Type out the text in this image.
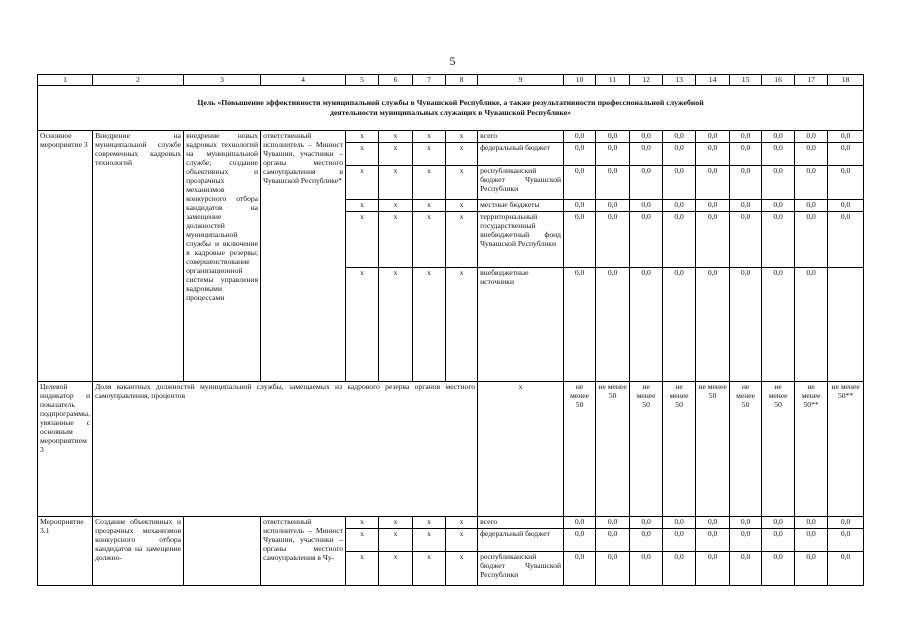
5
1	2	3	4	5	6	7	8	9	10	11	12	13	14	15	16	17	18
Цель «Повышение эффективности муниципальной службы в Чувашской Республике, а также результативности профессиональной служебной деятельности муниципальных служащих в Чувашской Республике»																	
Основное мероприятие 3	Внедрение на муниципальной службе современных кадровых технологий	внедрение новых кадровых технологий на муниципальной службе; создание объективных и прозрачных механизмов конкурсного отбора кандидатов на замещение должностей муниципальной службы и включение в кадровые резервы; совершенствование организационной системы управления кадровыми процессами	ответственный исполнитель – Минюст Чувашии, участники – органы местного самоуправления в Чувашской Республике*	x	x	x	x	всего	0,0	0,0	0,0	0,0	0,0	0,0	0,0	0,0	0,0
				x	x	x	x	федеральный бюджет	0,0	0,0	0,0	0,0	0,0	0,0	0,0	0,0	0,0
				x	x	x	x	республиканский бюджет Чувашской Республики	0,0	0,0	0,0	0,0	0,0	0,0	0,0	0,0	0,0
				x	x	x	x	местные бюджеты	0,0	0,0	0,0	0,0	0,0	0,0	0,0	0,0	0,0
				x	x	x	x	территориальный государственный внебюджетный фонд Чувашской Республики	0,0	0,0	0,0	0,0	0,0	0,0	0,0	0,0	0,0
				x	x	x	x	внебюджетные источники	0,0	0,0	0,0	0,0	0,0	0,0	0,0	0,0	
Целевой индикатор и показатель подпрограммы, увязанные с основным мероприятием 3	Доля вакантных должностей муниципальной службы, замещаемых из кадрового резерва органов местного самоуправления, процентов							x	не менее 50	не менее 50	не менее 50	не менее 50	не менее 50	не менее 50	не менее 50	не менее 50**	не менее 50**
Мероприятие 3.1	Создание объективных и прозрачных механизмов конкурсного отбора кандидатов на замещение должно-		ответственный исполнитель – Минюст Чувашии, участники – органы местного самоуправления в Чу-	x	x	x	x	всего	0,0	0,0	0,0	0,0	0,0	0,0	0,0	0,0	0,0
				x	x	x	x	федеральный бюджет	0,0	0,0	0,0	0,0	0,0	0,0	0,0	0,0	0,0
				x	x	x	x	республиканский бюджет Чувашской Республики	0,0	0,0	0,0	0,0	0,0	0,0	0,0	0,0	0,0
